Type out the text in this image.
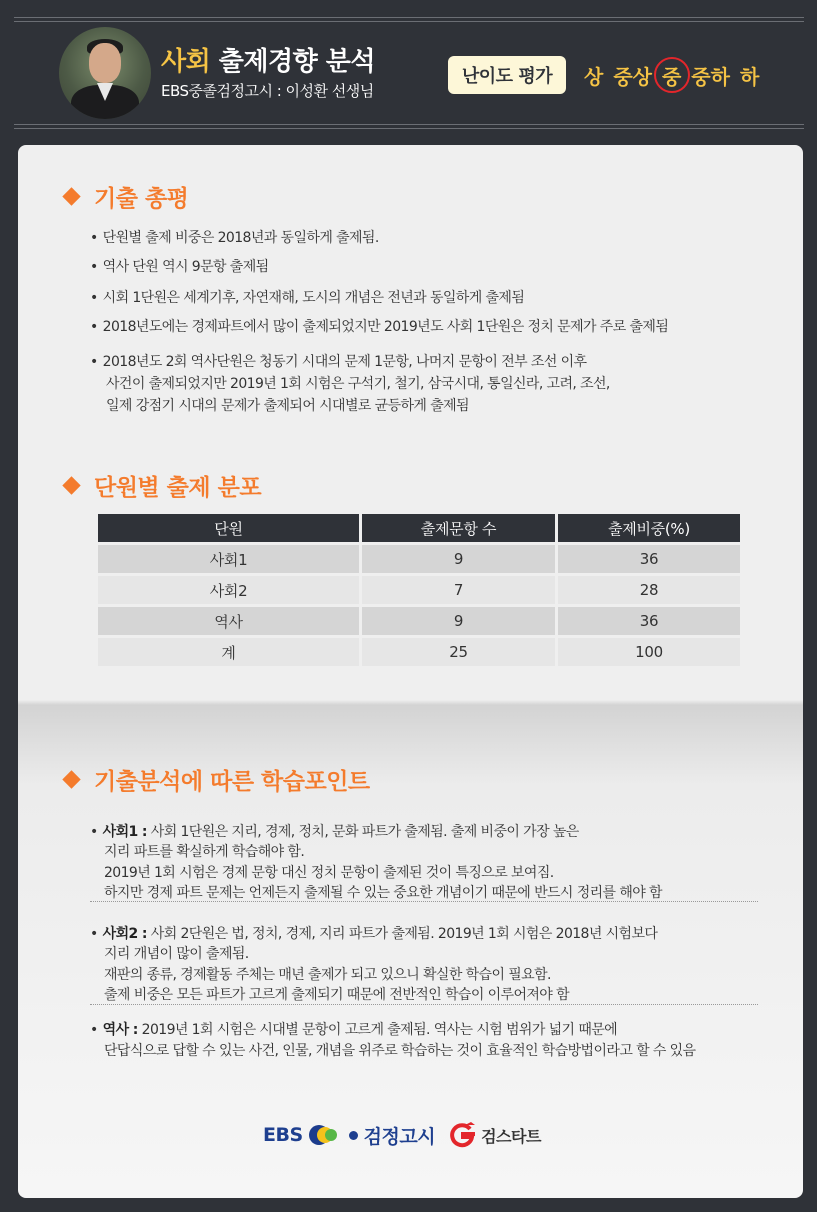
사회 출제경향 분석
EBS중졸검정고시 : 이성환 선생님
난이도 평가	상 중상 중 중하 하
기출 총평
• 단원별 출제 비중은 2018년과 동일하게 출제됨.
• 역사 단원 역시 9문항 출제됨
• 시회 1단원은 세계기후, 자연재해, 도시의 개념은 전년과 동일하게 출제됨
• 2018년도에는 경제파트에서 많이 출제되었지만 2019년도 사회 1단원은 정치 문제가 주로 출제됨
• 2018년도 2회 역사단원은 청동기 시대의 문제 1문항, 나머지 문항이 전부 조선 이후
사건이 출제되었지만 2019년 1회 시험은 구석기, 철기, 삼국시대, 통일신라, 고려, 조선,
일제 강점기 시대의 문제가 출제되어 시대별로 균등하게 출제됨
단원별 출제 분포
단원	출제문항 수	출제비중(%)
사회1	9	36
사회2	7	28
역사	9	36
계	25	100
기출분석에 따른 학습포인트
• 사회1 : 사회 1단원은 지리, 경제, 정치, 문화 파트가 출제됨. 출제 비중이 가장 높은
지리 파트를 확실하게 학습해야 함.
2019년 1회 시험은 경제 문항 대신 정치 문항이 출제된 것이 특징으로 보여짐.
하지만 경제 파트 문제는 언제든지 출제될 수 있는 중요한 개념이기 때문에 반드시 정리를 해야 함
• 사회2 : 사회 2단원은 법, 정치, 경제, 지리 파트가 출제됨. 2019년 1회 시험은 2018년 시험보다
지리 개념이 많이 출제됨.
재판의 종류, 경제활동 주체는 매년 출제가 되고 있으니 확실한 학습이 필요함.
출제 비중은 모든 파트가 고르게 출제되기 때문에 전반적인 학습이 이루어져야 함
• 역사 : 2019년 1회 시험은 시대별 문항이 고르게 출제됨. 역사는 시험 범위가 넓기 때문에
단답식으로 답할 수 있는 사건, 인물, 개념을 위주로 학습하는 것이 효율적인 학습방법이라고 할 수 있음
EBS	검정고시	검스타트
